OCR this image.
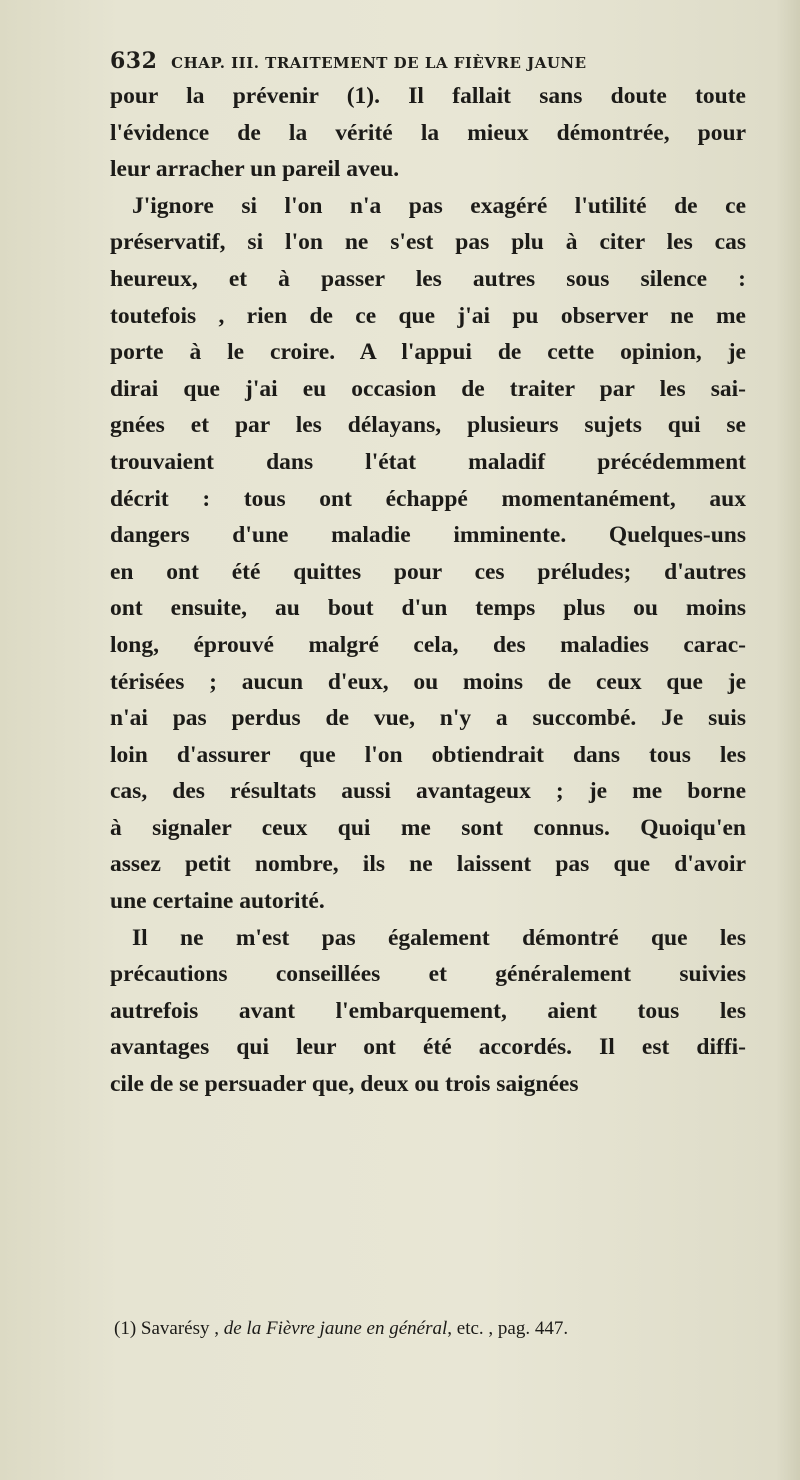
632 CHAP. III. TRAITEMENT DE LA FIÈVRE JAUNE
pour la prévenir (1). Il fallait sans doute toute
l'évidence de la vérité la mieux démontrée, pour
leur arracher un pareil aveu.
J'ignore si l'on n'a pas exagéré l'utilité de ce
préservatif, si l'on ne s'est pas plu à citer les cas
heureux, et à passer les autres sous silence :
toutefois , rien de ce que j'ai pu observer ne me
porte à le croire. A l'appui de cette opinion, je
dirai que j'ai eu occasion de traiter par les sai-
gnées et par les délayans, plusieurs sujets qui se
trouvaient dans l'état maladif précédemment
décrit : tous ont échappé momentanément, aux
dangers d'une maladie imminente. Quelques-uns
en ont été quittes pour ces préludes; d'autres
ont ensuite, au bout d'un temps plus ou moins
long, éprouvé malgré cela, des maladies carac-
térisées ; aucun d'eux, ou moins de ceux que je
n'ai pas perdus de vue, n'y a succombé. Je suis
loin d'assurer que l'on obtiendrait dans tous les
cas, des résultats aussi avantageux ; je me borne
à signaler ceux qui me sont connus. Quoiqu'en
assez petit nombre, ils ne laissent pas que d'avoir
une certaine autorité.
Il ne m'est pas également démontré que les
précautions conseillées et généralement suivies
autrefois avant l'embarquement, aient tous les
avantages qui leur ont été accordés. Il est diffi-
cile de se persuader que, deux ou trois saignées
(1) Savarésy , de la Fièvre jaune en général, etc. , pag. 447.
